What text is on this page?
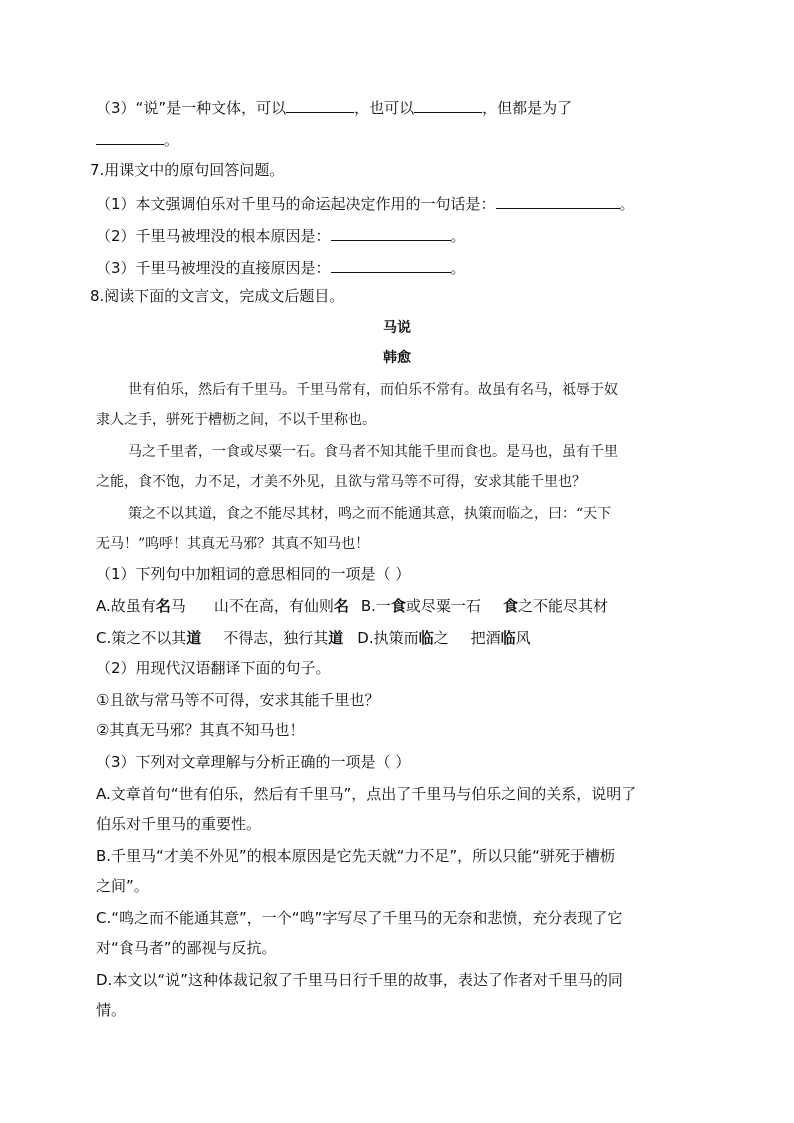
（3）“说”是一种文体，可以	，也可以	，但都是为了
。
7.用课文中的原句回答问题。
（1）本文强调伯乐对千里马的命运起决定作用的一句话是：	。
（2）千里马被埋没的根本原因是：	。
（3）千里马被埋没的直接原因是：	。
8.阅读下面的文言文，完成文后题目。
马说
韩愈
世有伯乐，然后有千里马。千里马常有，而伯乐不常有。故虽有名马，祗辱于奴
隶人之手，骈死于槽枥之间，不以千里称也。
马之千里者，一食或尽粟一石。食马者不知其能千里而食也。是马也，虽有千里
之能，食不饱，力不足，才美不外见，且欲与常马等不可得，安求其能千里也？
策之不以其道，食之不能尽其材，鸣之而不能通其意，执策而临之，曰：“天下
无马！”呜呼！其真无马邪？其真不知马也！
（1）下列句中加粗词的意思相同的一项是（ ）
A.故虽有名马 山不在高，有仙则名 B.一食或尽粟一石 食之不能尽其材
C.策之不以其道 不得志，独行其道 D.执策而临之 把酒临风
（2）用现代汉语翻译下面的句子。
①且欲与常马等不可得，安求其能千里也？
②其真无马邪？其真不知马也！
（3）下列对文章理解与分析正确的一项是（ ）
A.文章首句“世有伯乐，然后有千里马”，点出了千里马与伯乐之间的关系，说明了
伯乐对千里马的重要性。
B.千里马“才美不外见”的根本原因是它先天就“力不足”，所以只能“骈死于槽枥
之间”。
C.“鸣之而不能通其意”，一个“鸣”字写尽了千里马的无奈和悲愤，充分表现了它
对“食马者”的鄙视与反抗。
D.本文以“说”这种体裁记叙了千里马日行千里的故事，表达了作者对千里马的同
情。
